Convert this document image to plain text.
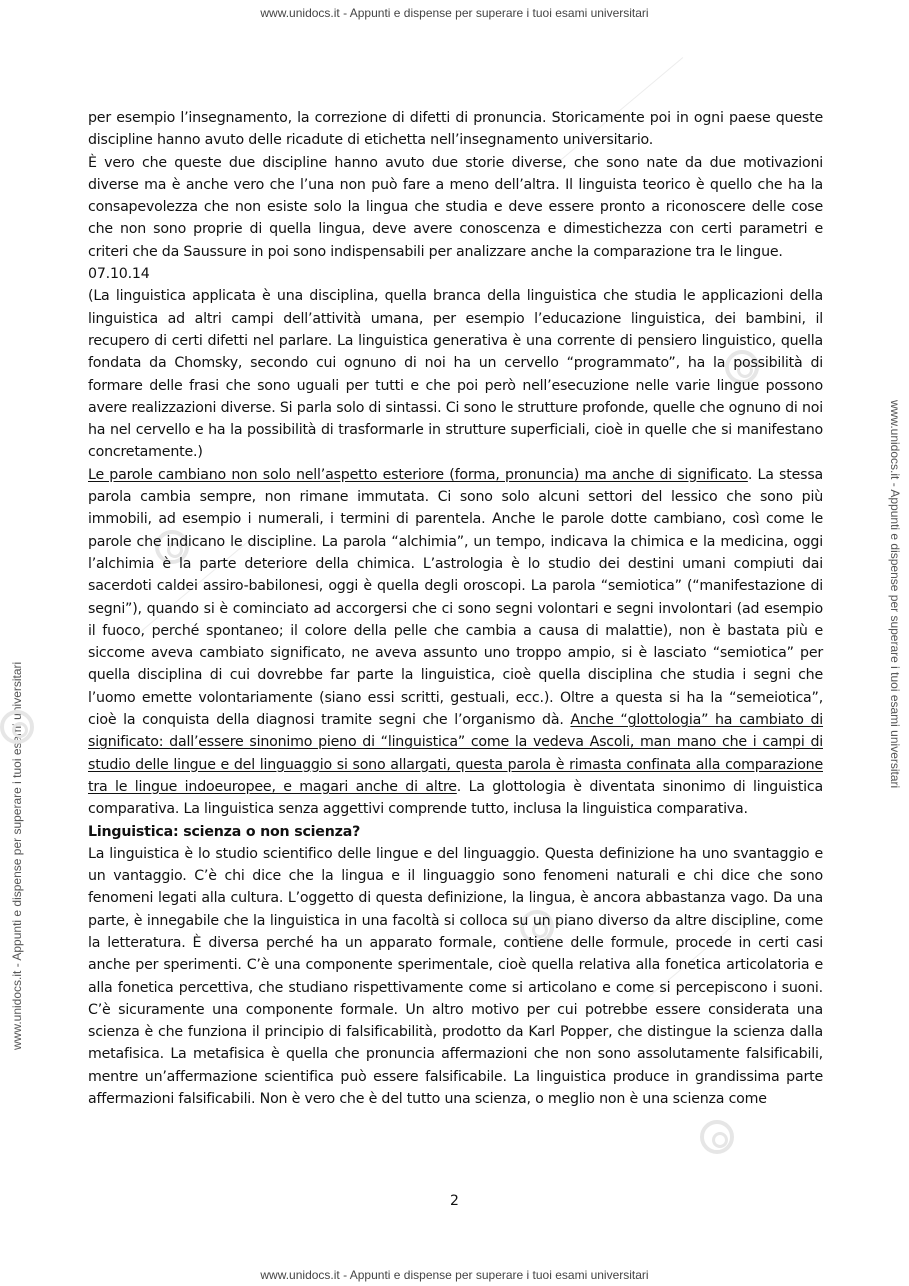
www.unidocs.it - Appunti e dispense per superare i tuoi esami universitari
www.unidocs.it - Appunti e dispense per superare i tuoi esami universitari
www.unidocs.it - Appunti e dispense per superare i tuoi esami universitari
www.unidocs.it - Appunti e dispense per superare i tuoi esami universitari

per esempio l’insegnamento, la correzione di difetti di pronuncia. Storicamente poi in ogni paese queste discipline hanno avuto delle ricadute di etichetta nell’insegnamento universitario.

È vero che queste due discipline hanno avuto due storie diverse, che sono nate da due motivazioni diverse ma è anche vero che l’una non può fare a meno dell’altra. Il linguista teorico è quello che ha la consapevolezza che non esiste solo la lingua che studia e deve essere pronto a riconoscere delle cose che non sono proprie di quella lingua, deve avere conoscenza e dimestichezza con certi parametri e criteri che da Saussure in poi sono indispensabili per analizzare anche la comparazione tra le lingue.

07.10.14

(La linguistica applicata è una disciplina, quella branca della linguistica che studia le applicazioni della linguistica ad altri campi dell’attività umana, per esempio l’educazione linguistica, dei bambini, il recupero di certi difetti nel parlare. La linguistica generativa è una corrente di pensiero linguistico, quella fondata da Chomsky, secondo cui ognuno di noi ha un cervello “programmato”, ha la possibilità di formare delle frasi che sono uguali per tutti e che poi però nell’esecuzione nelle varie lingue possono avere realizzazioni diverse. Si parla solo di sintassi. Ci sono le strutture profonde, quelle che ognuno di noi ha nel cervello e ha la possibilità di trasformarle in strutture superficiali, cioè in quelle che si manifestano concretamente.)

Le parole cambiano non solo nell’aspetto esteriore (forma, pronuncia) ma anche di significato. La stessa parola cambia sempre, non rimane immutata. Ci sono solo alcuni settori del lessico che sono più immobili, ad esempio i numerali, i termini di parentela. Anche le parole dotte cambiano, così come le parole che indicano le discipline. La parola “alchimia”, un tempo, indicava la chimica e la medicina, oggi l’alchimia è la parte deteriore della chimica. L’astrologia è lo studio dei destini umani compiuti dai sacerdoti caldei assiro-babilonesi, oggi è quella degli oroscopi. La parola “semiotica” (“manifestazione di segni”), quando si è cominciato ad accorgersi che ci sono segni volontari e segni involontari (ad esempio il fuoco, perché spontaneo; il colore della pelle che cambia a causa di malattie), non è bastata più e siccome aveva cambiato significato, ne aveva assunto uno troppo ampio, si è lasciato “semiotica” per quella disciplina di cui dovrebbe far parte la linguistica, cioè quella disciplina che studia i segni che l’uomo emette volontariamente (siano essi scritti, gestuali, ecc.). Oltre a questa si ha la “semeiotica”, cioè la conquista della diagnosi tramite segni che l’organismo dà. Anche “glottologia” ha cambiato di significato: dall’essere sinonimo pieno di “linguistica” come la vedeva Ascoli, man mano che i campi di studio delle lingue e del linguaggio si sono allargati, questa parola è rimasta confinata alla comparazione tra le lingue indoeuropee, e magari anche di altre. La glottologia è diventata sinonimo di linguistica comparativa. La linguistica senza aggettivi comprende tutto, inclusa la linguistica comparativa.

Linguistica: scienza o non scienza?

La linguistica è lo studio scientifico delle lingue e del linguaggio. Questa definizione ha uno svantaggio e un vantaggio. C’è chi dice che la lingua e il linguaggio sono fenomeni naturali e chi dice che sono fenomeni legati alla cultura. L’oggetto di questa definizione, la lingua, è ancora abbastanza vago. Da una parte, è innegabile che la linguistica in una facoltà si colloca su un piano diverso da altre discipline, come la letteratura. È diversa perché ha un apparato formale, contiene delle formule, procede in certi casi anche per sperimenti. C’è una componente sperimentale, cioè quella relativa alla fonetica articolatoria e alla fonetica percettiva, che studiano rispettivamente come si articolano e come si percepiscono i suoni. C’è sicuramente una componente formale. Un altro motivo per cui potrebbe essere considerata una scienza è che funziona il principio di falsificabilità, prodotto da Karl Popper, che distingue la scienza dalla metafisica. La metafisica è quella che pronuncia affermazioni che non sono assolutamente falsificabili, mentre un’affermazione scientifica può essere falsificabile. La linguistica produce in grandissima parte affermazioni falsificabili. Non è vero che è del tutto una scienza, o meglio non è una scienza come

2
